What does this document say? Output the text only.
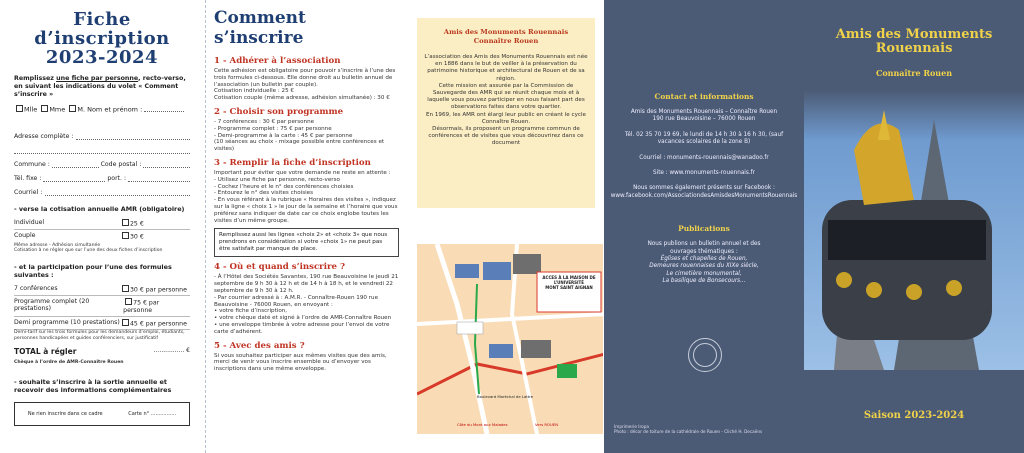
Fiche d’inscription
2023-2024
Remplissez une fiche par personne, recto-verso, en suivant les indications du volet « Comment s’inscrire »
Mlle Mme M. Nom et prénom :
Adresse complète :
Commune :	Code postal :
Tél. fixe :	port. :
Courriel :
- verse la cotisation annuelle AMR (obligatoire)
Individuel	25 €
Couple	30 €
Même adresse - Adhésion simultanée
Cotisation à ne régler que sur l’une des deux fiches d’inscription
- et la participation pour l’une des formules suivantes :
7 conférences	30 € par personne
Programme complet (20 prestations)
75 € par personne
Demi programme (10 prestations)	45 € par personne
Demi-tarif sur les trois formules pour les demandeurs d’emploi, étudiants, personnes handicapées et guides conférenciers, sur justificatif
TOTAL à régler
Chèque à l’ordre de AMR-Connaître Rouen
................ €
- souhaite s’inscrire à la sortie annuelle et recevoir des informations complémentaires
Ne rien inscrire dans ce cadre	Carte n° ................
Comment s’inscrire
1 - Adhérer à l’association
Cette adhésion est obligatoire pour pouvoir s’inscrire à l’une des trois formules ci-dessous. Elle donne droit au bulletin annuel de l’association (un bulletin par couple).
Cotisation individuelle : 25 €
Cotisation couple (même adresse, adhésion simultanée) : 30 €
2 - Choisir son programme
- 7 conférences : 30 € par personne
- Programme complet : 75 € par personne
- Demi-programme à la carte : 45 € par personne
(10 séances au choix - mixage possible entre conférences et visites)
3 - Remplir la fiche d’inscription
Important pour éviter que votre demande ne reste en attente :
- Utilisez une fiche par personne, recto-verso
- Cochez l’heure et le n° des conférences choisies
- Entourez le n° des visites choisies
- En vous référant à la rubrique « Horaires des visites », indiquez sur la ligne « choix 1 » le jour de la semaine et l’horaire que vous préférez sans indiquer de date car ce choix englobe toutes les visites d’un même groupe.
Remplissez aussi les lignes «choix 2» et «choix 3» que nous prendrons en considération si votre «choix 1» ne peut pas être satisfait par manque de place.
4 - Où et quand s’inscrire ?
- À l’Hôtel des Sociétés Savantes, 190 rue Beauvoisine le jeudi 21 septembre de 9 h 30 à 12 h et de 14 h à 18 h, et le vendredi 22 septembre de 9 h 30 à 12 h.
- Par courrier adressé à : A.M.R. - Connaître-Rouen 190 rue Beauvoisine - 76000 Rouen, en envoyant :
• votre fiche d’inscription,
• votre chèque daté et signé à l’ordre de AMR-Connaître Rouen
• une enveloppe timbrée à votre adresse pour l’envoi de votre carte d’adhérent.
5 - Avec des amis ?
Si vous souhaitez participer aux mêmes visites que des amis, merci de venir vous inscrire ensemble ou d’envoyer vos inscriptions dans une même enveloppe.
Amis des Monuments Rouennais
Connaître Rouen
L’association des Amis des Monuments Rouennais est née en 1886 dans le but de veiller à la préservation du patrimoine historique et architectural de Rouen et de sa région.
Cette mission est assurée par la Commission de Sauvegarde des AMR qui se réunit chaque mois et à laquelle vous pouvez participer en nous faisant part des observations faites dans votre quartier.
En 1969, les AMR ont élargi leur public en créant le cycle Connaître Rouen.
Désormais, ils proposent un programme commun de conférences et de visites que vous découvrirez dans ce document
ACCES À LA MAISON DE L’UNIVERSITÉ
MONT SAINT AIGNAN
Boulevard Maréchal de Lattre
Vers ROUEN
Côte du Mont aux Malades
Contact et informations
Amis des Monuments Rouennais – Connaître Rouen
190 rue Beauvoisine – 76000 Rouen
Tél. 02 35 70 19 69, le lundi de 14 h 30 à 16 h 30, (sauf vacances scolaires de la zone B)
Courriel : monuments-rouennais@wanadoo.fr
Site : www.monuments-rouennais.fr
Nous sommes également présents sur Facebook :
www.facebook.com/AssociationdesAmisdesMonumentsRouennais
Publications
Nous publions un bulletin annuel et des ouvrages thématiques :
Églises et chapelles de Rouen,
Demeures rouennaises du XIXe siècle,
Le cimetière monumental,
La basilique de Bonsecours...
Imprimerie Iropa
Photo : décor de toiture de la cathédrale de Rouen - Cliché H. Decaëns
Amis des Monuments
Rouennais
Connaître Rouen
Saison 2023-2024
